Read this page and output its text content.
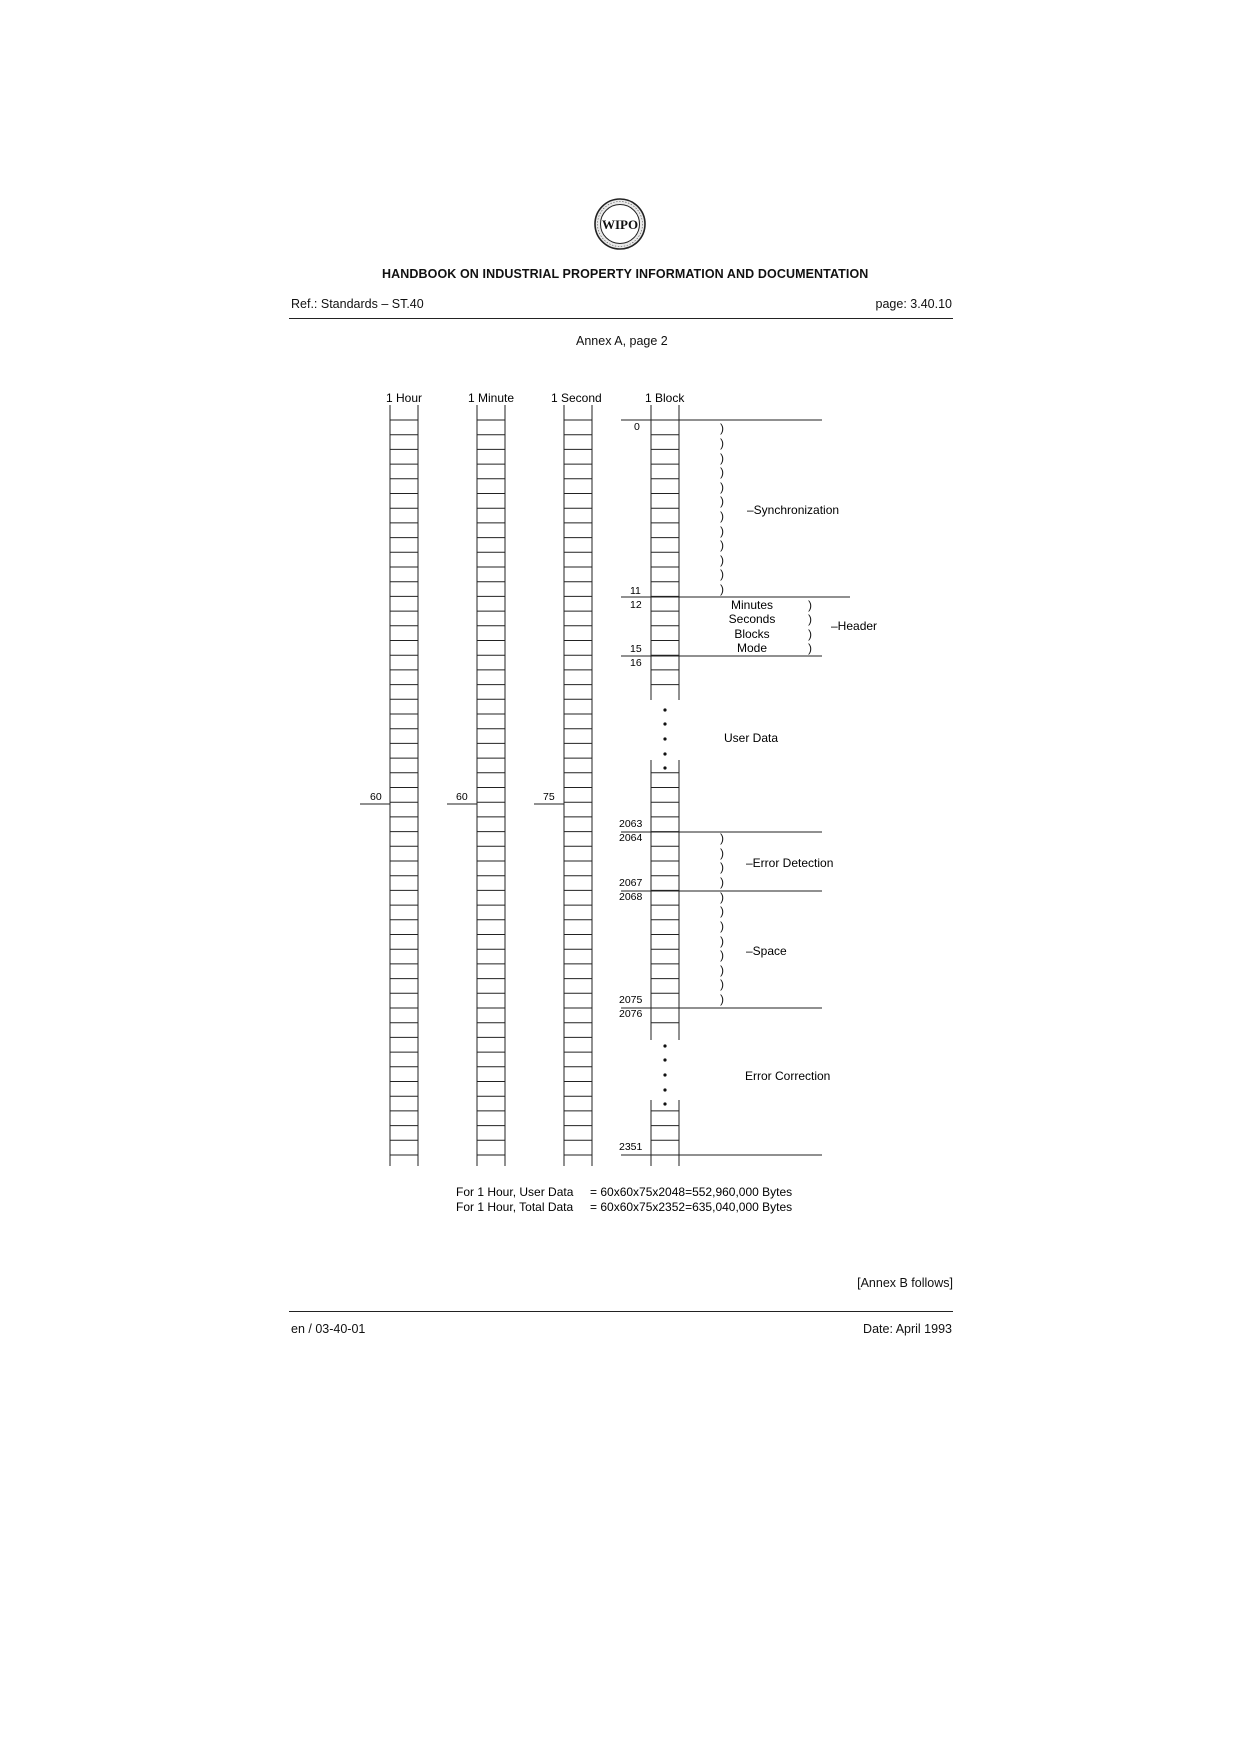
WIPO
HANDBOOK ON INDUSTRIAL PROPERTY INFORMATION AND DOCUMENTATION
Ref.: Standards – ST.40	page: 3.40.10
Annex A, page 2
)
)
)
)
)
)
)
)
)
)
)
)
)
)
)
)
)
)
)
)
)
)
)
)
)
)
)
)
1 Hour	1 Minute	1 Second	1 Block
60	60	75
0
11
12
15
16
2063
2064
2067
2068
2075
2076
2351
–Synchronization
Minutes
Seconds
Blocks
Mode
–Header
User Data
–Error Detection
–Space
Error Correction
For 1 Hour, User Data = 60x60x75x2048=552,960,000 Bytes
For 1 Hour, Total Data = 60x60x75x2352=635,040,000 Bytes
[Annex B follows]
en / 03-40-01	Date: April 1993
